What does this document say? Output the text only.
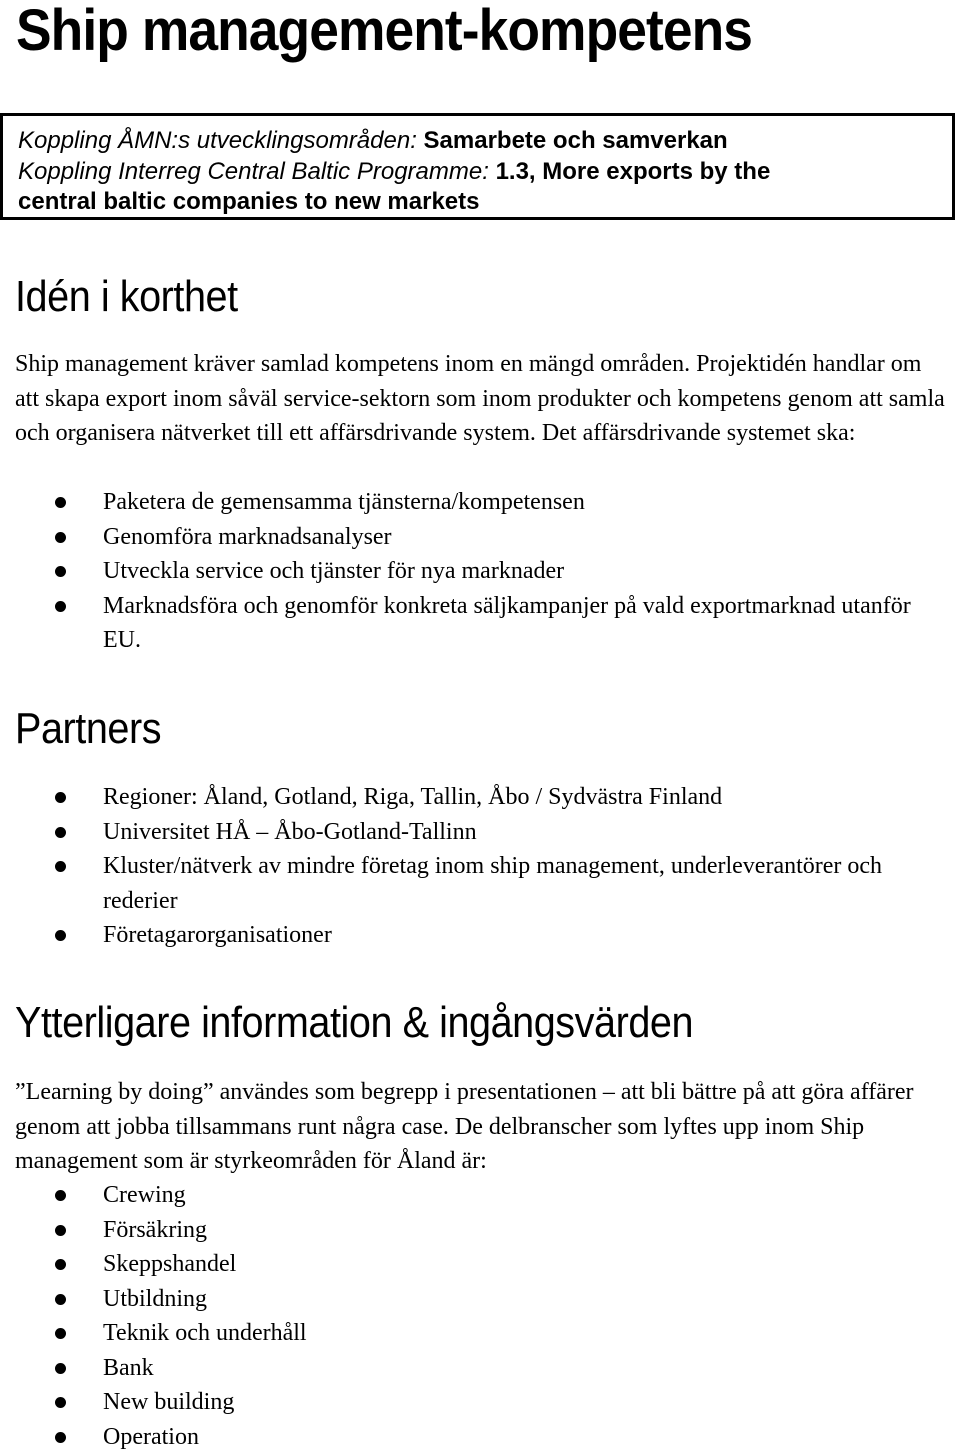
Ship management-kompetens
Koppling ÅMN:s utvecklingsområden: Samarbete och samverkan
Koppling Interreg Central Baltic Programme: 1.3, More exports by the
central baltic companies to new markets
Idén i korthet

Ship management kräver samlad kompetens inom en mängd områden. Projektidén handlar om att skapa export inom såväl service-sektorn som inom produkter och kompetens genom att samla och organisera nätverket till ett affärsdrivande system. Det affärsdrivande systemet ska:

Paketera de gemensamma tjänsterna/kompetensen
Genomföra marknadsanalyser
Utveckla service och tjänster för nya marknader
Marknadsföra och genomför konkreta säljkampanjer på vald exportmarknad utanför EU.
Partners
Regioner: Åland, Gotland, Riga, Tallin, Åbo / Sydvästra Finland
Universitet HÅ – Åbo-Gotland-Tallinn
Kluster/nätverk av mindre företag inom ship management, underleverantörer och rederier
Företagarorganisationer
Ytterligare information & ingångsvärden

”Learning by doing” användes som begrepp i presentationen – att bli bättre på att göra affärer genom att jobba tillsammans runt några case. De delbranscher som lyftes upp inom Ship management som är styrkeområden för Åland är:

Crewing
Försäkring
Skeppshandel
Utbildning
Teknik och underhåll
Bank
New building
Operation
